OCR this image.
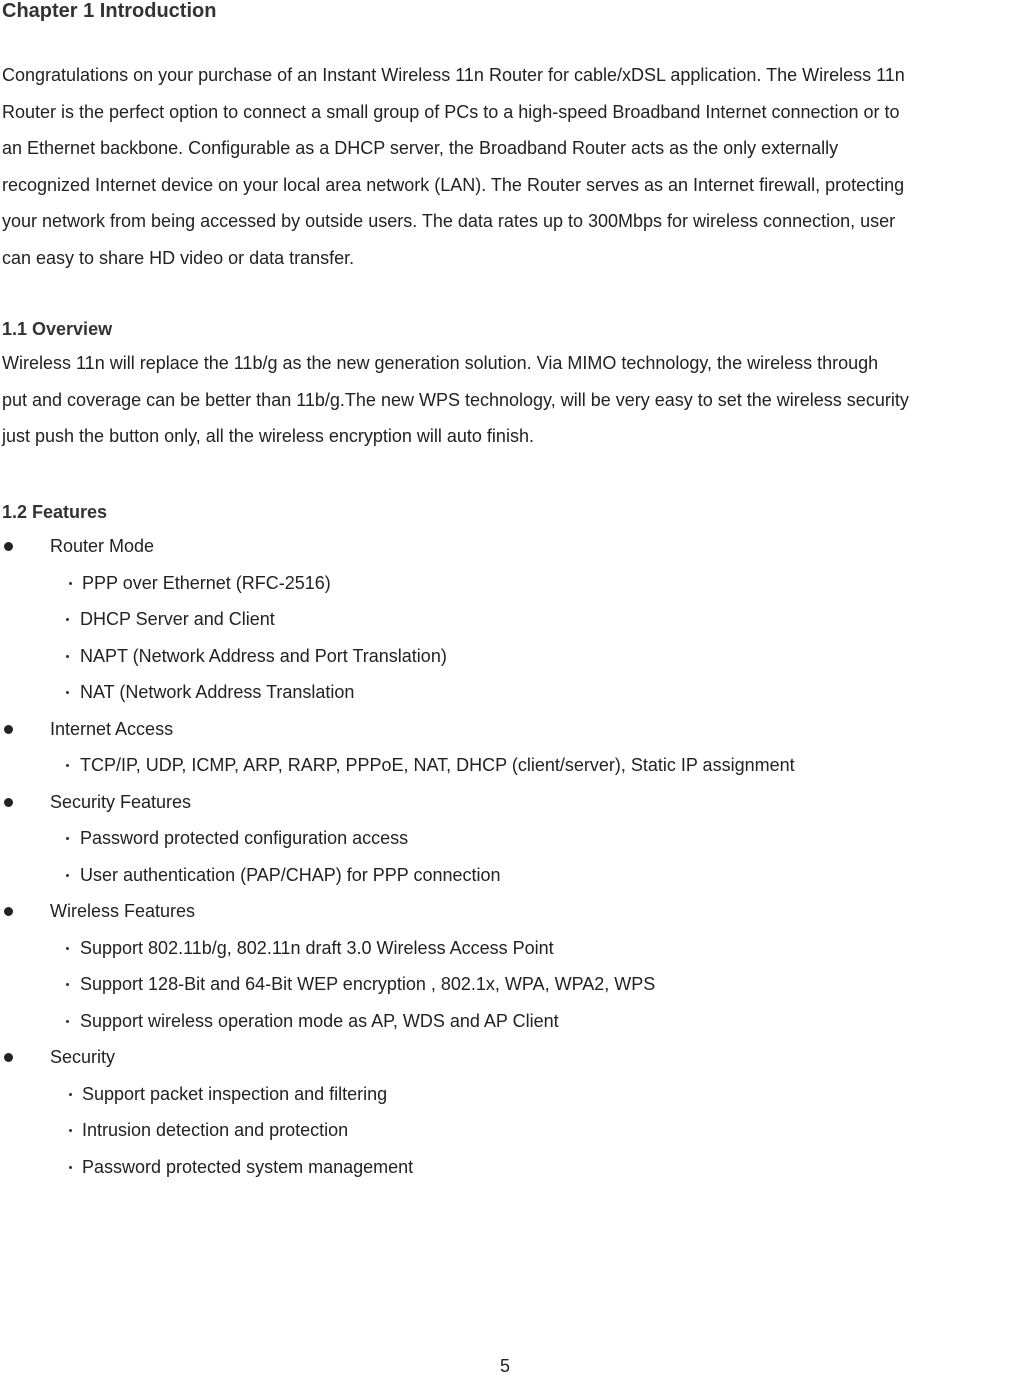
Chapter 1 Introduction

Congratulations on your purchase of an Instant Wireless 11n Router for cable/xDSL application. The Wireless 11n
Router is the perfect option to connect a small group of PCs to a high-speed Broadband Internet connection or to
an Ethernet backbone. Configurable as a DHCP server, the Broadband Router acts as the only externally
recognized Internet device on your local area network (LAN). The Router serves as an Internet firewall, protecting
your network from being accessed by outside users. The data rates up to 300Mbps for wireless connection, user
can easy to share HD video or data transfer.

1.1 Overview

Wireless 11n will replace the 11b/g as the new generation solution. Via MIMO technology, the wireless through
put and coverage can be better than 11b/g.The new WPS technology, will be very easy to set the wireless security
just push the button only, all the wireless encryption will auto finish.

1.2 Features
Router Mode
PPP over Ethernet (RFC-2516)
DHCP Server and Client
NAPT (Network Address and Port Translation)
NAT (Network Address Translation
Internet Access
TCP/IP, UDP, ICMP, ARP, RARP, PPPoE, NAT, DHCP (client/server), Static IP assignment
Security Features
Password protected configuration access
User authentication (PAP/CHAP) for PPP connection
Wireless Features
Support 802.11b/g, 802.11n draft 3.0 Wireless Access Point
Support 128-Bit and 64-Bit WEP encryption , 802.1x, WPA, WPA2, WPS
Support wireless operation mode as AP, WDS and AP Client
Security
Support packet inspection and filtering
Intrusion detection and protection
Password protected system management
5
